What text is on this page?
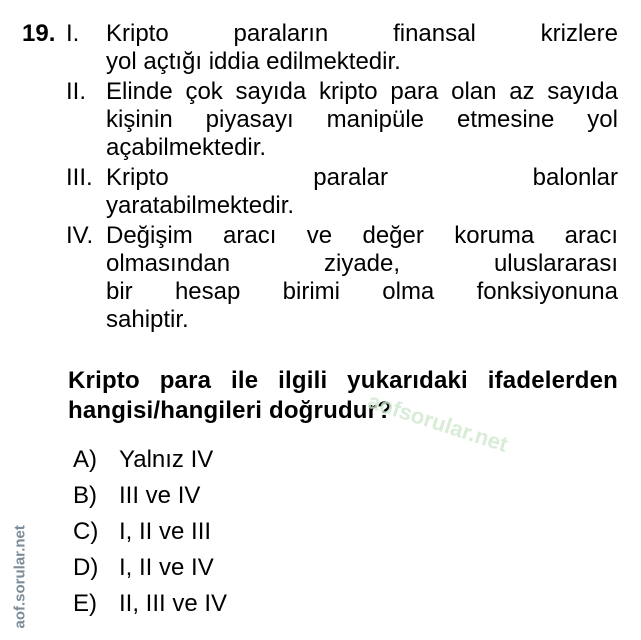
19. I. Kripto paraların finansal krizlere
yol açtığı iddia edilmektedir.
II. Elinde çok sayıda kripto para olan az sayıda
kişinin piyasayı manipüle etmesine yol
açabilmektedir.
III. Kripto paralar balonlar
yaratabilmektedir.
IV. Değişim aracı ve değer koruma aracı
olmasından ziyade, uluslararası
bir hesap birimi olma fonksiyonuna
sahiptir.
Kripto para ile ilgili yukarıdaki ifadelerden
hangisi/hangileri doğrudur?
aofsorular.net
A) Yalnız IV
B) III ve IV
C) I, II ve III
D) I, II ve IV
E) II, III ve IV
aof.sorular.net
